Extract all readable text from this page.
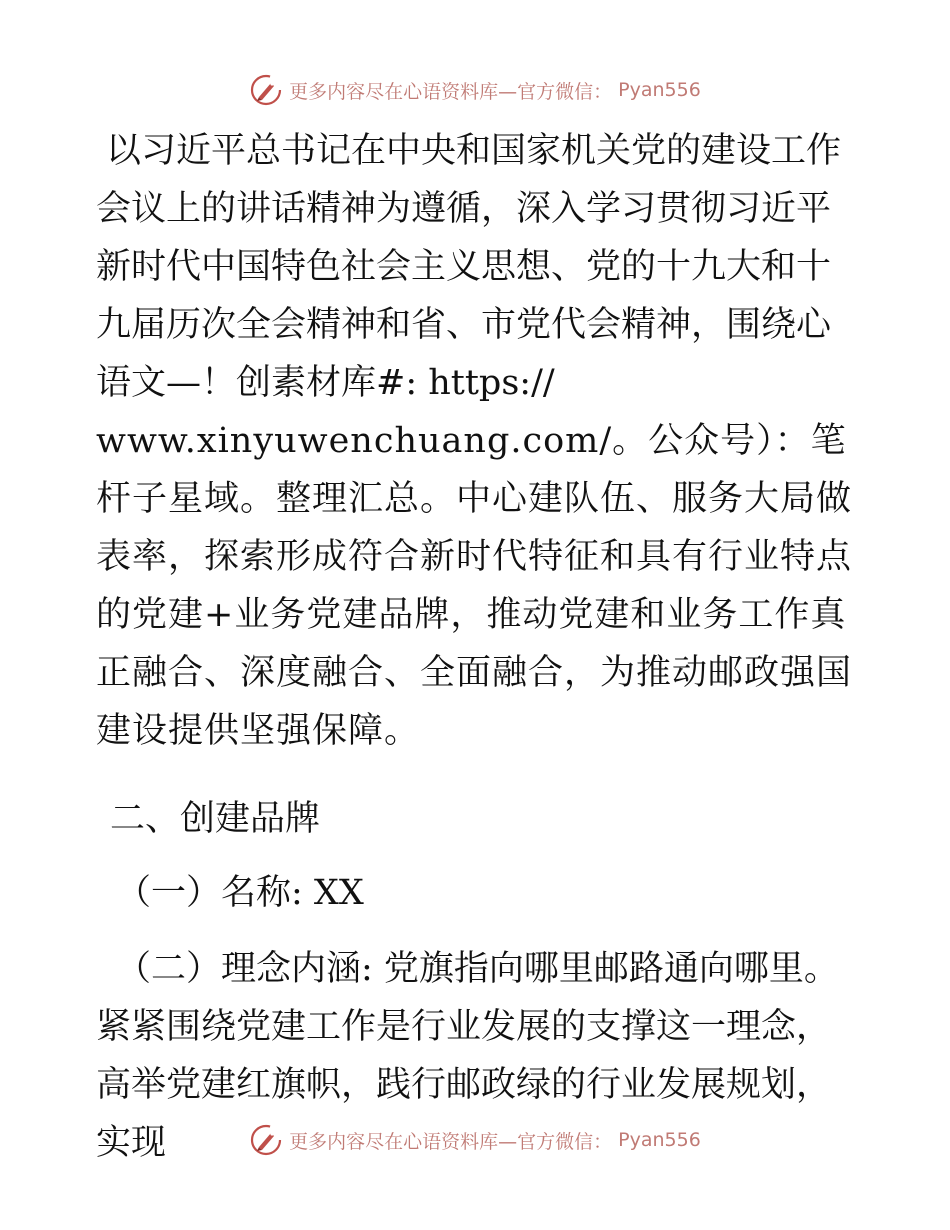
更多内容尽在心语资料库—官方微信： Pyan556

以习近平总书记在中央和国家机关党的建设工作会议上的讲话精神为遵循，深入学习贯彻习近平新时代中国特色社会主义思想、党的十九大和十九届历次全会精神和省、市党代会精神，围绕心语文—！创素材库#: https://

www.xinyuwenchuang.com/。公众号）：笔杆子星域。整理汇总。中心建队伍、服务大局做表率，探索形成符合新时代特征和具有行业特点的党建+业务党建品牌，推动党建和业务工作真正融合、深度融合、全面融合，为推动邮政强国建设提供坚强保障。

二、创建品牌

（一）名称: XX

（二）理念内涵: 党旗指向哪里邮路通向哪里。紧紧围绕党建工作是行业发展的支撑这一理念，高举党建红旗帜，践行邮政绿的行业发展规划，实现	更多内容尽在心语资料库—官方微信： Pyan556
